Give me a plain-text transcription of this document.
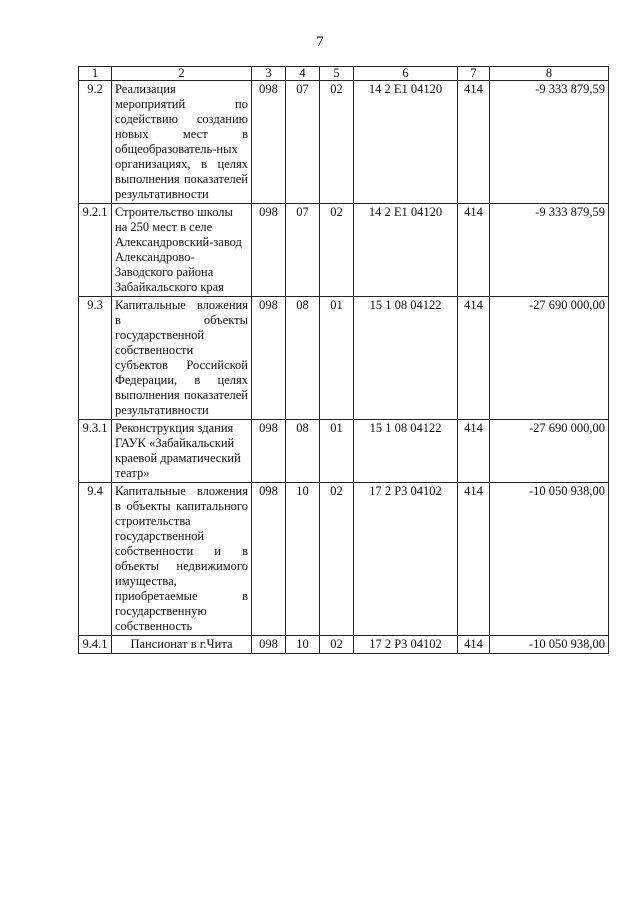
7
1	2	3	4	5	6	7	8
9.2	Реализация мероприятий по содействию созданию новых мест в общеобразователь-ных организациях, в целях выполнения показателей результативности	098	07	02	14 2 E1 04120	414	-9 333 879,59
9.2.1	Строительство школы на 250 мест в селе Александровский-завод Александрово-Заводского района Забайкальского края	098	07	02	14 2 E1 04120	414	-9 333 879,59
9.3	Капитальные вложения в объекты государственной собственности субъектов Российской Федерации, в целях выполнения показателей результативности	098	08	01	15 1 08 04122	414	-27 690 000,00
9.3.1	Реконструкция здания ГАУК «Забайкальский краевой драматический театр»	098	08	01	15 1 08 04122	414	-27 690 000,00
9.4	Капитальные вложения в объекты капитального строительства государственной собственности и в объекты недвижимого имущества, приобретаемые в государственную собственность	098	10	02	17 2 P3 04102	414	-10 050 938,00
9.4.1	Пансионат в г.Чита	098	10	02	17 2 P3 04102	414	-10 050 938,00
